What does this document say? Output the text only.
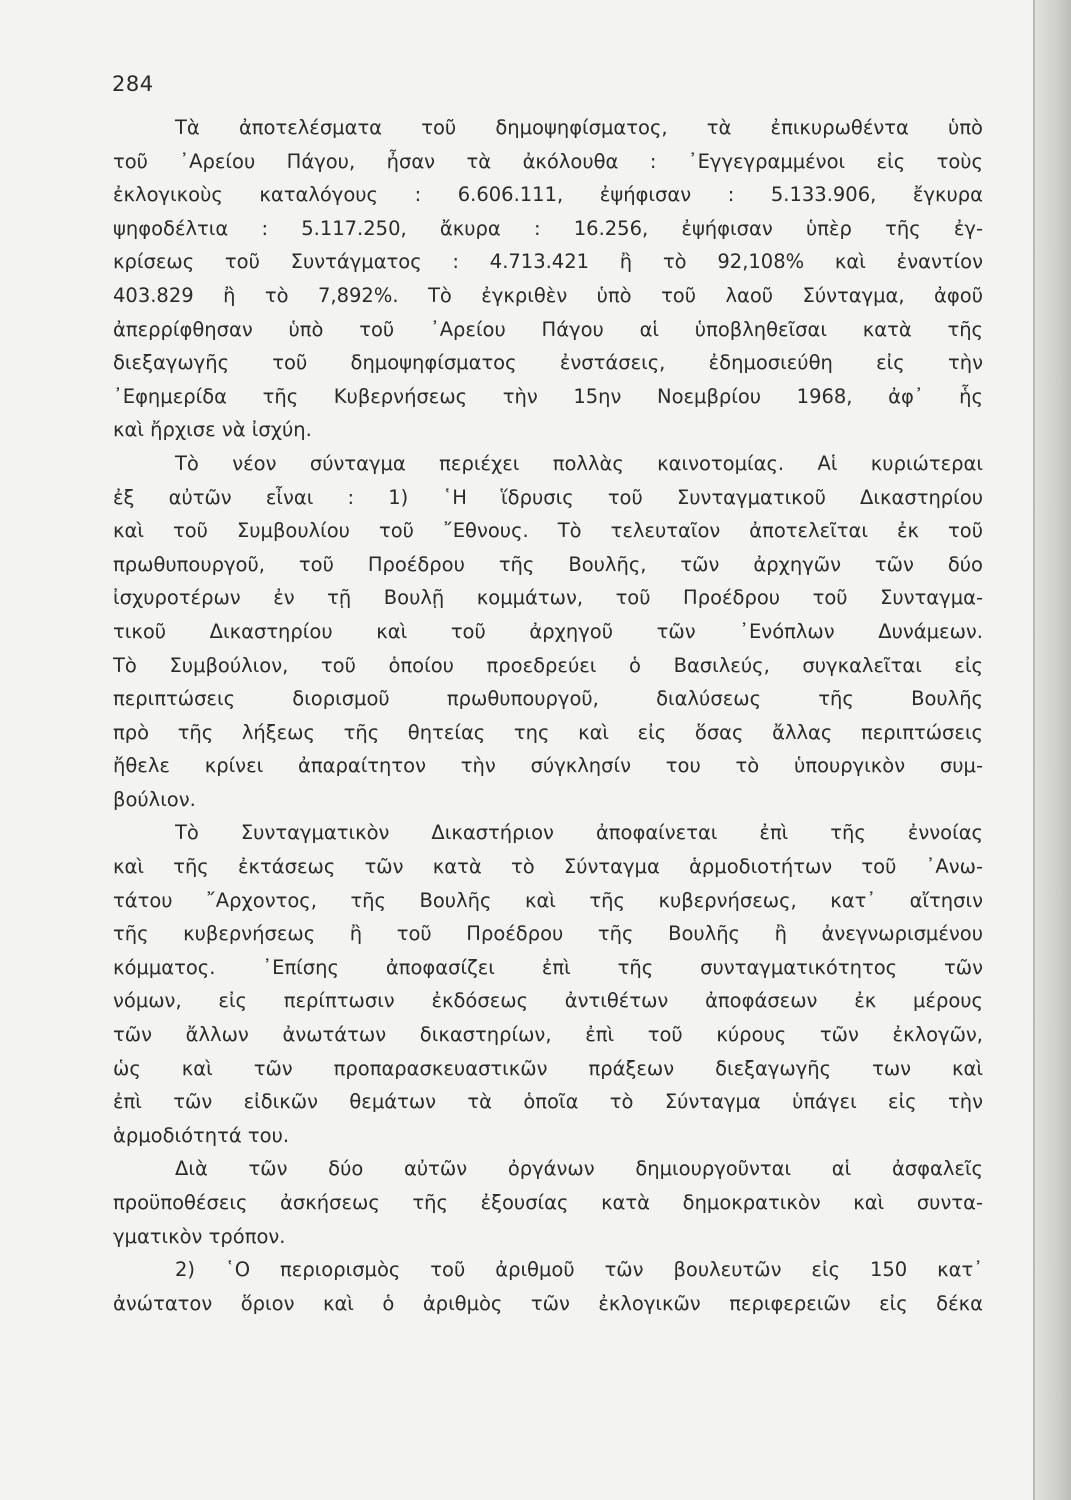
284
Τὰ ἀποτελέσματα τοῦ δημοψηφίσματος, τὰ ἐπικυρωθέντα ὑπὸ
τοῦ ᾿Αρείου Πάγου, ἦσαν τὰ ἀκόλουθα : ᾿Εγγεγραμμένοι εἰς τοὺς
ἐκλογικοὺς καταλόγους : 6.606.111, ἐψήφισαν : 5.133.906, ἔγκυρα
ψηφοδέλτια : 5.117.250, ἄκυρα : 16.256, ἐψήφισαν ὑπὲρ τῆς ἐγ-
κρίσεως τοῦ Συντάγματος : 4.713.421 ἢ τὸ 92,108% καὶ ἐναντίον
403.829 ἢ τὸ 7,892%. Τὸ ἐγκριθὲν ὑπὸ τοῦ λαοῦ Σύνταγμα, ἀφοῦ
ἀπερρίφθησαν ὑπὸ τοῦ ᾿Αρείου Πάγου αἱ ὑποβληθεῖσαι κατὰ τῆς
διεξαγωγῆς τοῦ δημοψηφίσματος ἐνστάσεις, ἐδημοσιεύθη εἰς τὴν
᾿Εφημερίδα τῆς Κυβερνήσεως τὴν 15ην Νοεμβρίου 1968, ἀφ᾿ ἧς
καὶ ἤρχισε νὰ ἰσχύη.
Τὸ νέον σύνταγμα περιέχει πολλὰς καινοτομίας. Αἱ κυριώτεραι
ἐξ αὐτῶν εἶναι : 1) ῾Η ἵδρυσις τοῦ Συνταγματικοῦ Δικαστηρίου
καὶ τοῦ Συμβουλίου τοῦ ῎Εθνους. Τὸ τελευταῖον ἀποτελεῖται ἐκ τοῦ
πρωθυπουργοῦ, τοῦ Προέδρου τῆς Βουλῆς, τῶν ἀρχηγῶν τῶν δύο
ἰσχυροτέρων ἐν τῇ Βουλῇ κομμάτων, τοῦ Προέδρου τοῦ Συνταγμα-
τικοῦ Δικαστηρίου καὶ τοῦ ἀρχηγοῦ τῶν ᾿Ενόπλων Δυνάμεων.
Τὸ Συμβούλιον, τοῦ ὁποίου προεδρεύει ὁ Βασιλεύς, συγκαλεῖται εἰς
περιπτώσεις διορισμοῦ πρωθυπουργοῦ, διαλύσεως τῆς Βουλῆς
πρὸ τῆς λήξεως τῆς θητείας της καὶ εἰς ὅσας ἄλλας περιπτώσεις
ἤθελε κρίνει ἀπαραίτητον τὴν σύγκλησίν του τὸ ὑπουργικὸν συμ-
βούλιον.
Τὸ Συνταγματικὸν Δικαστήριον ἀποφαίνεται ἐπὶ τῆς ἐννοίας
καὶ τῆς ἐκτάσεως τῶν κατὰ τὸ Σύνταγμα ἁρμοδιοτήτων τοῦ ᾿Ανω-
τάτου ῎Αρχοντος, τῆς Βουλῆς καὶ τῆς κυβερνήσεως, κατ᾿ αἴτησιν
τῆς κυβερνήσεως ἢ τοῦ Προέδρου τῆς Βουλῆς ἢ ἀνεγνωρισμένου
κόμματος. ᾿Επίσης ἀποφασίζει ἐπὶ τῆς συνταγματικότητος τῶν
νόμων, εἰς περίπτωσιν ἐκδόσεως ἀντιθέτων ἀποφάσεων ἐκ μέρους
τῶν ἄλλων ἀνωτάτων δικαστηρίων, ἐπὶ τοῦ κύρους τῶν ἐκλογῶν,
ὡς καὶ τῶν προπαρασκευαστικῶν πράξεων διεξαγωγῆς των καὶ
ἐπὶ τῶν εἰδικῶν θεμάτων τὰ ὁποῖα τὸ Σύνταγμα ὑπάγει εἰς τὴν
ἁρμοδιότητά του.
Διὰ τῶν δύο αὐτῶν ὀργάνων δημιουργοῦνται αἱ ἀσφαλεῖς
προϋποθέσεις ἀσκήσεως τῆς ἐξουσίας κατὰ δημοκρατικὸν καὶ συντα-
γματικὸν τρόπον.
2) ῾Ο περιορισμὸς τοῦ ἀριθμοῦ τῶν βουλευτῶν εἰς 150 κατ᾿
ἀνώτατον ὅριον καὶ ὁ ἀριθμὸς τῶν ἐκλογικῶν περιφερειῶν εἰς δέκα
